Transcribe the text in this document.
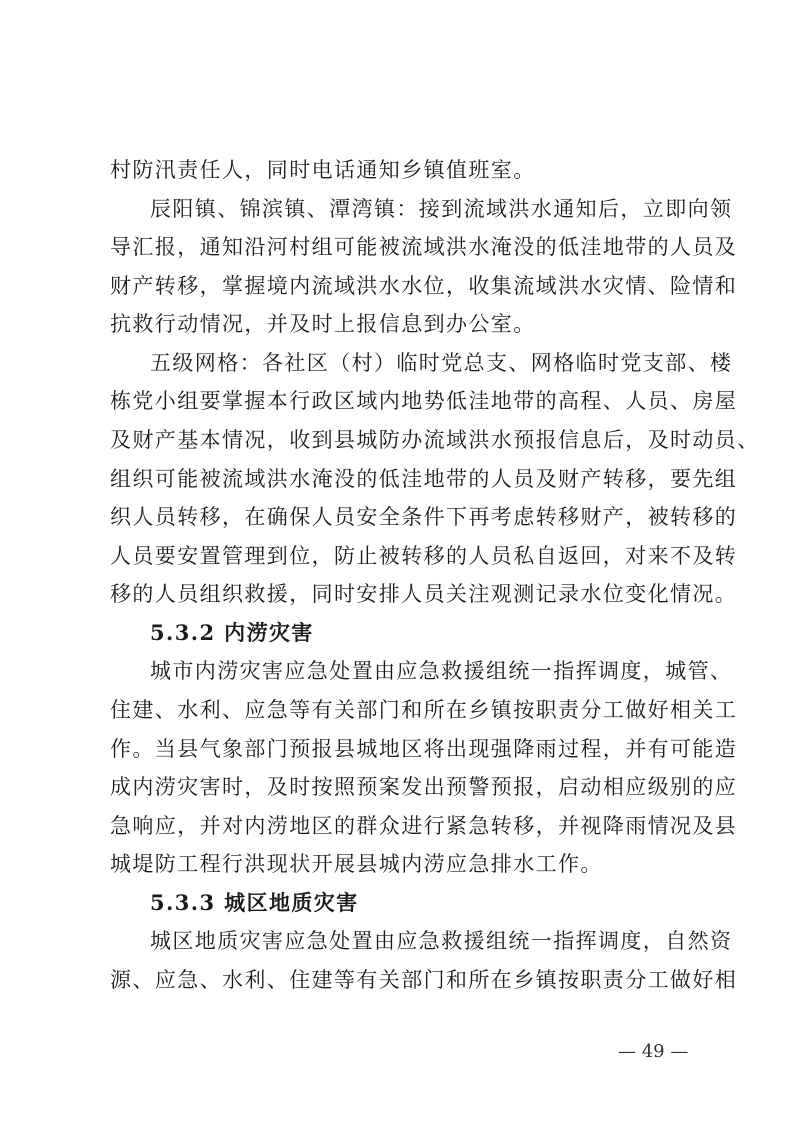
村防汛责任人，同时电话通知乡镇值班室。
辰阳镇、锦滨镇、潭湾镇：接到流域洪水通知后，立即向领
导汇报，通知沿河村组可能被流域洪水淹没的低洼地带的人员及
财产转移，掌握境内流域洪水水位，收集流域洪水灾情、险情和
抗救行动情况，并及时上报信息到办公室。
五级网格：各社区（村）临时党总支、网格临时党支部、楼
栋党小组要掌握本行政区域内地势低洼地带的高程、人员、房屋
及财产基本情况，收到县城防办流域洪水预报信息后，及时动员、
组织可能被流域洪水淹没的低洼地带的人员及财产转移，要先组
织人员转移，在确保人员安全条件下再考虑转移财产，被转移的
人员要安置管理到位，防止被转移的人员私自返回，对来不及转
移的人员组织救援，同时安排人员关注观测记录水位变化情况。
5.3.2 内涝灾害
城市内涝灾害应急处置由应急救援组统一指挥调度，城管、
住建、水利、应急等有关部门和所在乡镇按职责分工做好相关工
作。当县气象部门预报县城地区将出现强降雨过程，并有可能造
成内涝灾害时，及时按照预案发出预警预报，启动相应级别的应
急响应，并对内涝地区的群众进行紧急转移，并视降雨情况及县
城堤防工程行洪现状开展县城内涝应急排水工作。
5.3.3 城区地质灾害
城区地质灾害应急处置由应急救援组统一指挥调度，自然资
源、应急、水利、住建等有关部门和所在乡镇按职责分工做好相
— 49 —
